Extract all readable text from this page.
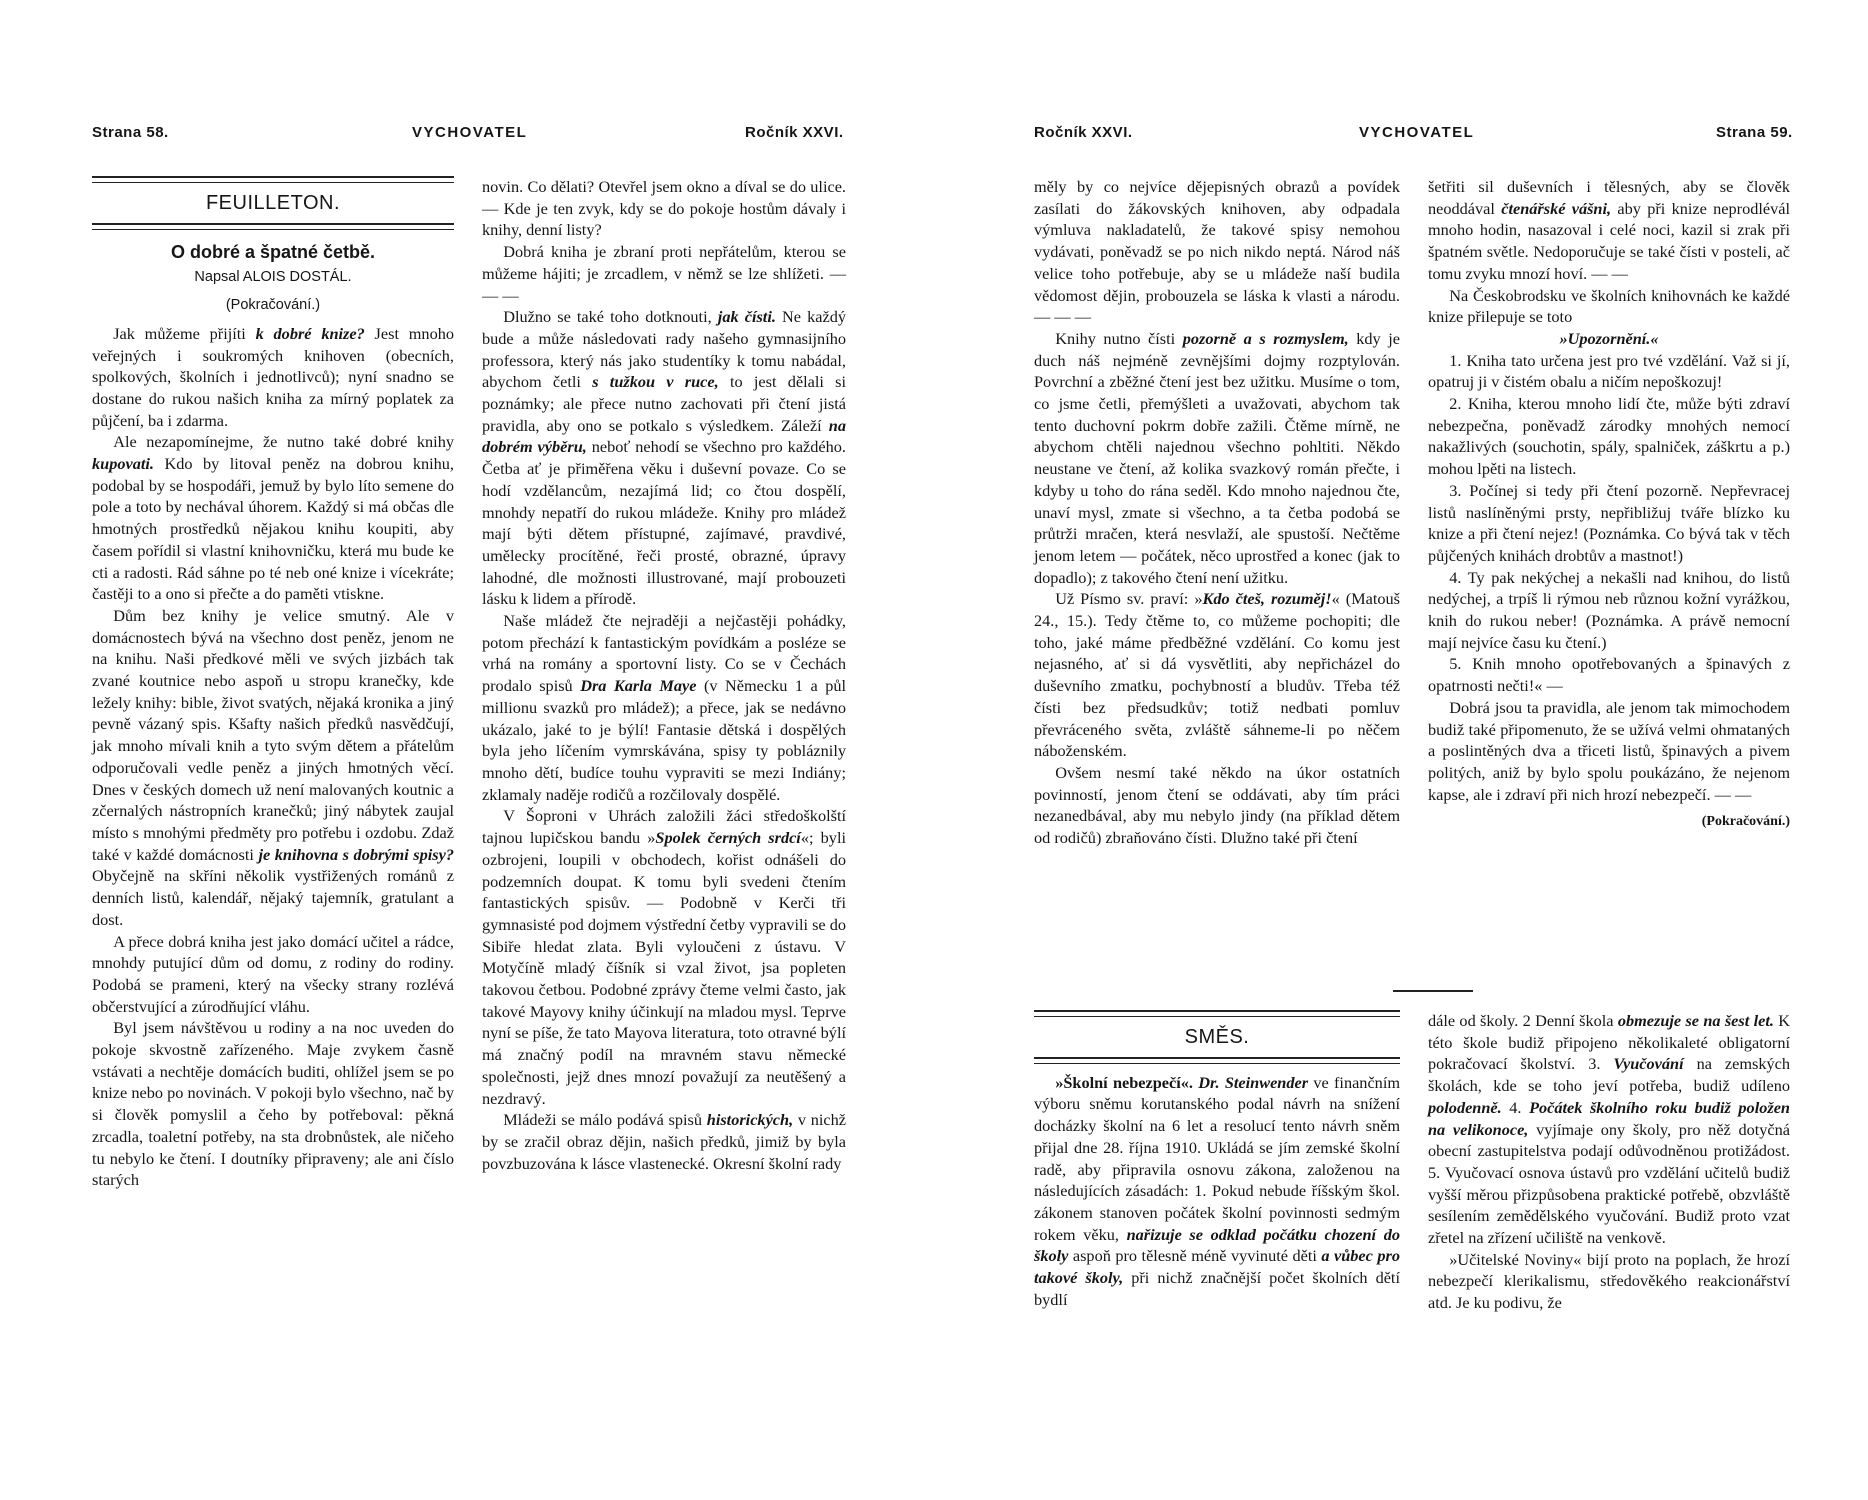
Strana 58.	VYCHOVATEL	Ročník XXVI.	Ročník XXVI.	VYCHOVATEL	Strana 59.
FEUILLETON.
O dobré a špatné četbě.
Napsal ALOIS DOSTÁL.
(Pokračování.)

Jak můžeme přijíti k dobré knize? Jest mnoho veřejných i soukromých knihoven (obecních, spolkových, školních i jednotlivců); nyní snadno se dostane do rukou našich kniha za mírný poplatek za půjčení, ba i zdarma.

Ale nezapomínejme, že nutno také dobré knihy kupovati. Kdo by litoval peněz na dobrou knihu, podobal by se hospodáři, jemuž by bylo líto semene do pole a toto by nechával úhorem. Každý si má občas dle hmotných prostředků nějakou knihu koupiti, aby časem pořídil si vlastní knihovničku, která mu bude ke cti a radosti. Rád sáhne po té neb oné knize i vícekráte; častěji to a ono si přečte a do paměti vtiskne.

Dům bez knihy je velice smutný. Ale v domácnostech bývá na všechno dost peněz, jenom ne na knihu. Naši předkové měli ve svých jizbách tak zvané koutnice nebo aspoň u stropu kranečky, kde ležely knihy: bible, život svatých, nějaká kronika a jiný pevně vázaný spis. Kšafty našich předků nasvědčují, jak mnoho mívali knih a tyto svým dětem a přátelům odporučovali vedle peněz a jiných hmotných věcí. Dnes v českých domech už není malovaných koutnic a zčernalých nástropních kranečků; jiný nábytek zaujal místo s mnohými předměty pro potřebu i ozdobu. Zdaž také v každé domácnosti je knihovna s dobrými spisy? Obyčejně na skříni několik vystřižených románů z denních listů, kalendář, nějaký tajemník, gratulant a dost.

A přece dobrá kniha jest jako domácí učitel a rádce, mnohdy putující dům od domu, z rodiny do rodiny. Podobá se prameni, který na všecky strany rozlévá občerstvující a zúrodňující vláhu.

Byl jsem návštěvou u rodiny a na noc uveden do pokoje skvostně zařízeného. Maje zvykem časně vstávati a nechtěje domácích buditi, ohlížel jsem se po knize nebo po novinách. V pokoji bylo všechno, nač by si člověk pomyslil a čeho by potřeboval: pěkná zrcadla, toaletní potřeby, na sta drobnůstek, ale ničeho tu nebylo ke čtení. I doutníky připraveny; ale ani číslo starých

novin. Co dělati? Otevřel jsem okno a díval se do ulice. — Kde je ten zvyk, kdy se do pokoje hostům dávaly i knihy, denní listy?

Dobrá kniha je zbraní proti nepřátelům, kterou se můžeme hájiti; je zrcadlem, v němž se lze shlížeti. — — —

Dlužno se také toho dotknouti, jak čísti. Ne každý bude a může následovati rady našeho gymnasijního professora, který nás jako studentíky k tomu nabádal, abychom četli s tužkou v ruce, to jest dělali si poznámky; ale přece nutno zachovati při čtení jistá pravidla, aby ono se potkalo s výsledkem. Záleží na dobrém výběru, neboť nehodí se všechno pro každého. Četba ať je přiměřena věku i duševní povaze. Co se hodí vzdělancům, nezajímá lid; co čtou dospělí, mnohdy nepatří do rukou mládeže. Knihy pro mládež mají býti dětem přístupné, zajímavé, pravdivé, umělecky procítěné, řeči prosté, obrazné, úpravy lahodné, dle možnosti illustrované, mají probouzeti lásku k lidem a přírodě.

Naše mládež čte nejraději a nejčastěji pohádky, potom přechází k fantastickým povídkám a posléze se vrhá na romány a sportovní listy. Co se v Čechách prodalo spisů Dra Karla Maye (v Německu 1 a půl millionu svazků pro mládež); a přece, jak se nedávno ukázalo, jaké to je býlí! Fantasie dětská i dospělých byla jeho líčením vymrskávána, spisy ty pobláznily mnoho dětí, budíce touhu vypraviti se mezi Indiány; zklamaly naděje rodičů a rozčilovaly dospělé.

V Šoproni v Uhrách založili žáci středoškolští tajnou lupičskou bandu »Spolek černých srdcí«; byli ozbrojeni, loupili v obchodech, kořist odnášeli do podzemních doupat. K tomu byli svedeni čtením fantastických spisův. — Podobně v Kerči tři gymnasisté pod dojmem výstřední četby vypravili se do Sibiře hledat zlata. Byli vyloučeni z ústavu. V Motyčíně mladý číšník si vzal život, jsa popleten takovou četbou. Podobné zprávy čteme velmi často, jak takové Mayovy knihy účinkují na mladou mysl. Teprve nyní se píše, že tato Mayova literatura, toto otravné býlí má značný podíl na mravném stavu německé společnosti, jejž dnes mnozí považují za neutěšený a nezdravý.

Mládeži se málo podává spisů historických, v nichž by se zračil obraz dějin, našich předků, jimiž by byla povzbuzována k lásce vlastenecké. Okresní školní rady

měly by co nejvíce dějepisných obrazů a povídek zasílati do žákovských knihoven, aby odpadala výmluva nakladatelů, že takové spisy nemohou vydávati, poněvadž se po nich nikdo neptá. Národ náš velice toho potřebuje, aby se u mládeže naší budila vědomost dějin, probouzela se láska k vlasti a národu. — — —

Knihy nutno čísti pozorně a s rozmyslem, kdy je duch náš nejméně zevnějšími dojmy rozptylován. Povrchní a zběžné čtení jest bez užitku. Musíme o tom, co jsme četli, přemýšleti a uvažovati, abychom tak tento duchovní pokrm dobře zažili. Čtěme mírně, ne abychom chtěli najednou všechno pohltiti. Někdo neustane ve čtení, až kolika svazkový román přečte, i kdyby u toho do rána seděl. Kdo mnoho najednou čte, unaví mysl, zmate si všechno, a ta četba podobá se průtrži mračen, která nesvlaží, ale spustoší. Nečtěme jenom letem — počátek, něco uprostřed a konec (jak to dopadlo); z takového čtení není užitku.

Už Písmo sv. praví: »Kdo čteš, rozuměj!« (Matouš 24., 15.). Tedy čtěme to, co můžeme pochopiti; dle toho, jaké máme předběžné vzdělání. Co komu jest nejasného, ať si dá vysvětliti, aby nepřicházel do duševního zmatku, pochybností a bludův. Třeba též čísti bez předsudkův; totiž nedbati pomluv převráceného světa, zvláště sáhneme-li po něčem náboženském.

Ovšem nesmí také někdo na úkor ostatních povinností, jenom čtení se oddávati, aby tím práci nezanedbával, aby mu nebylo jindy (na příklad dětem od rodičů) zbraňováno čísti. Dlužno také při čtení

šetřiti sil duševních i tělesných, aby se člověk neoddával čtenářské vášni, aby při knize neprodlévál mnoho hodin, nasazoval i celé noci, kazil si zrak při špatném světle. Nedoporučuje se také čísti v posteli, ač tomu zvyku mnozí hoví. — —

Na Českobrodsku ve školních knihovnách ke každé knize přilepuje se toto

»Upozornění.«

1. Kniha tato určena jest pro tvé vzdělání. Važ si jí, opatruj ji v čistém obalu a ničím nepoškozuj!

2. Kniha, kterou mnoho lidí čte, může býti zdraví nebezpečna, poněvadž zárodky mnohých nemocí nakažlivých (souchotin, spály, spalniček, záškrtu a p.) mohou lpěti na listech.

3. Počínej si tedy při čtení pozorně. Nepřevracej listů naslíněnými prsty, nepřibližuj tváře blízko ku knize a při čtení nejez! (Poznámka. Co bývá tak v těch půjčených knihách drobtův a mastnot!)

4. Ty pak nekýchej a nekašli nad knihou, do listů nedýchej, a trpíš li rýmou neb různou kožní vyrážkou, knih do rukou neber! (Poznámka. A právě nemocní mají nejvíce času ku čtení.)

5. Knih mnoho opotřebovaných a špinavých z opatrnosti nečti!« —

Dobrá jsou ta pravidla, ale jenom tak mimochodem budiž také připomenuto, že se užívá velmi ohmataných a poslintěných dva a třiceti listů, špinavých a pivem politých, aniž by bylo spolu poukázáno, že nejenom kapse, ale i zdraví při nich hrozí nebezpečí. — —

(Pokračování.)
SMĚS.

»Školní nebezpečí«. Dr. Steinwender ve finančním výboru sněmu korutanského podal návrh na snížení docházky školní na 6 let a resolucí tento návrh sněm přijal dne 28. října 1910. Ukládá se jím zemské školní radě, aby připravila osnovu zákona, založenou na následujících zásadách: 1. Pokud nebude říšským škol. zákonem stanoven počátek školní povinnosti sedmým rokem věku, nařizuje se odklad počátku chození do školy aspoň pro tělesně méně vyvinuté děti a vůbec pro takové školy, při nichž značnější počet školních dětí bydlí

dále od školy. 2 Denní škola obmezuje se na šest let. K této škole budiž připojeno několikaleté obligatorní pokračovací školství. 3. Vyučování na zemských školách, kde se toho jeví potřeba, budiž udíleno polodenně. 4. Počátek školního roku budiž položen na velikonoce, vyjímaje ony školy, pro něž dotyčná obecní zastupitelstva podají odůvodněnou protižádost. 5. Vyučovací osnova ústavů pro vzdělání učitelů budiž vyšší měrou přizpůsobena praktické potřebě, obzvláště sesílením zemědělského vyučování. Budiž proto vzat zřetel na zřízení učiliště na venkově.

»Učitelské Noviny« bijí proto na poplach, že hrozí nebezpečí klerikalismu, středověkého reakcionářství atd. Je ku podivu, že
